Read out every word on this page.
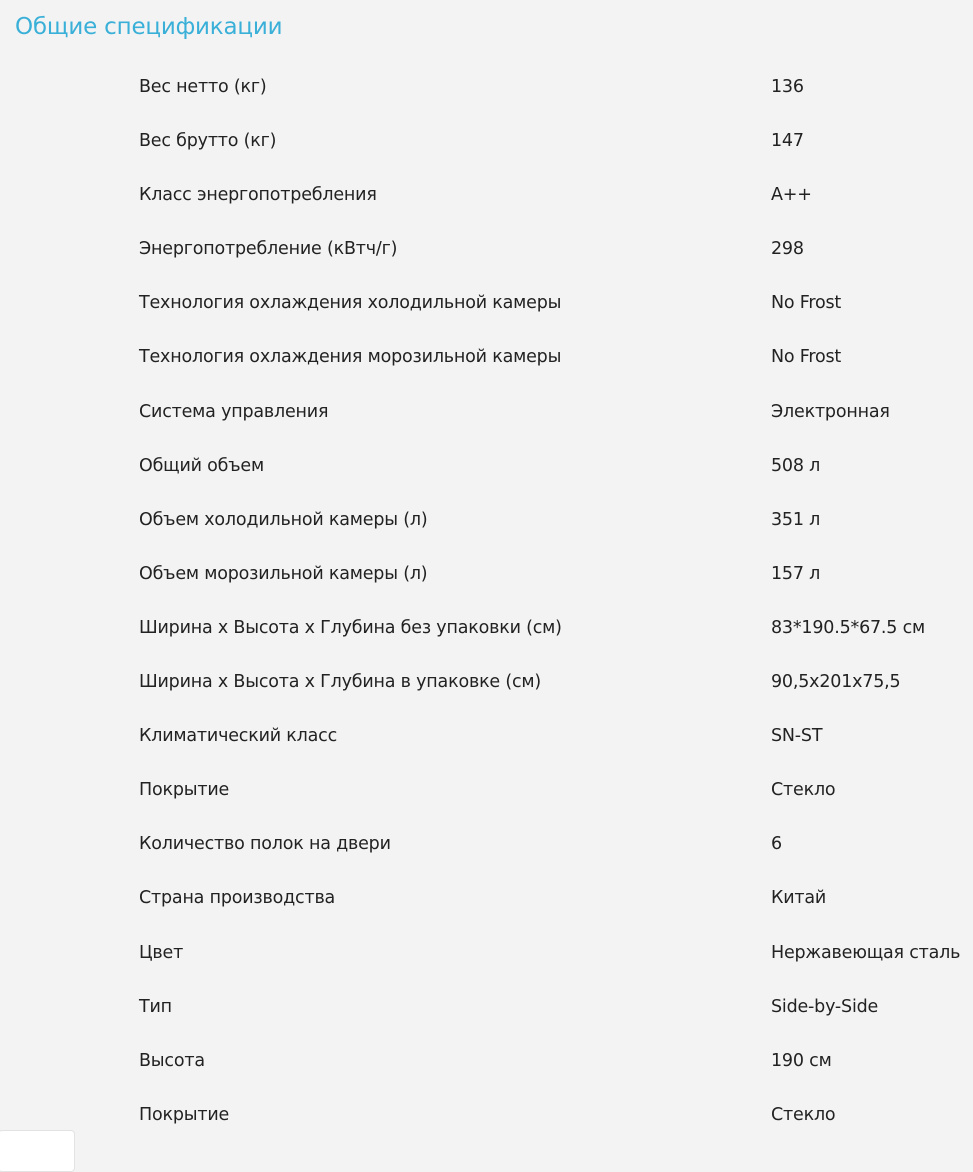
Общие спецификации
Вес нетто (кг)	136
Вес брутто (кг)	147
Класс энергопотребления	A++
Энергопотребление (кВтч/г)	298
Технология охлаждения холодильной камеры	No Frost
Технология охлаждения морозильной камеры	No Frost
Система управления	Электронная
Общий объем	508 л
Объем холодильной камеры (л)	351 л
Объем морозильной камеры (л)	157 л
Ширина x Высота x Глубина без упаковки (см)	83*190.5*67.5 см
Ширина x Высота x Глубина в упаковке (см)	90,5x201x75,5
Климатический класс	SN-ST
Покрытие	Стекло
Количество полок на двери	6
Страна производства	Китай
Цвет	Нержавеющая сталь
Тип	Side-by-Side
Высота	190 см
Покрытие	Стекло
